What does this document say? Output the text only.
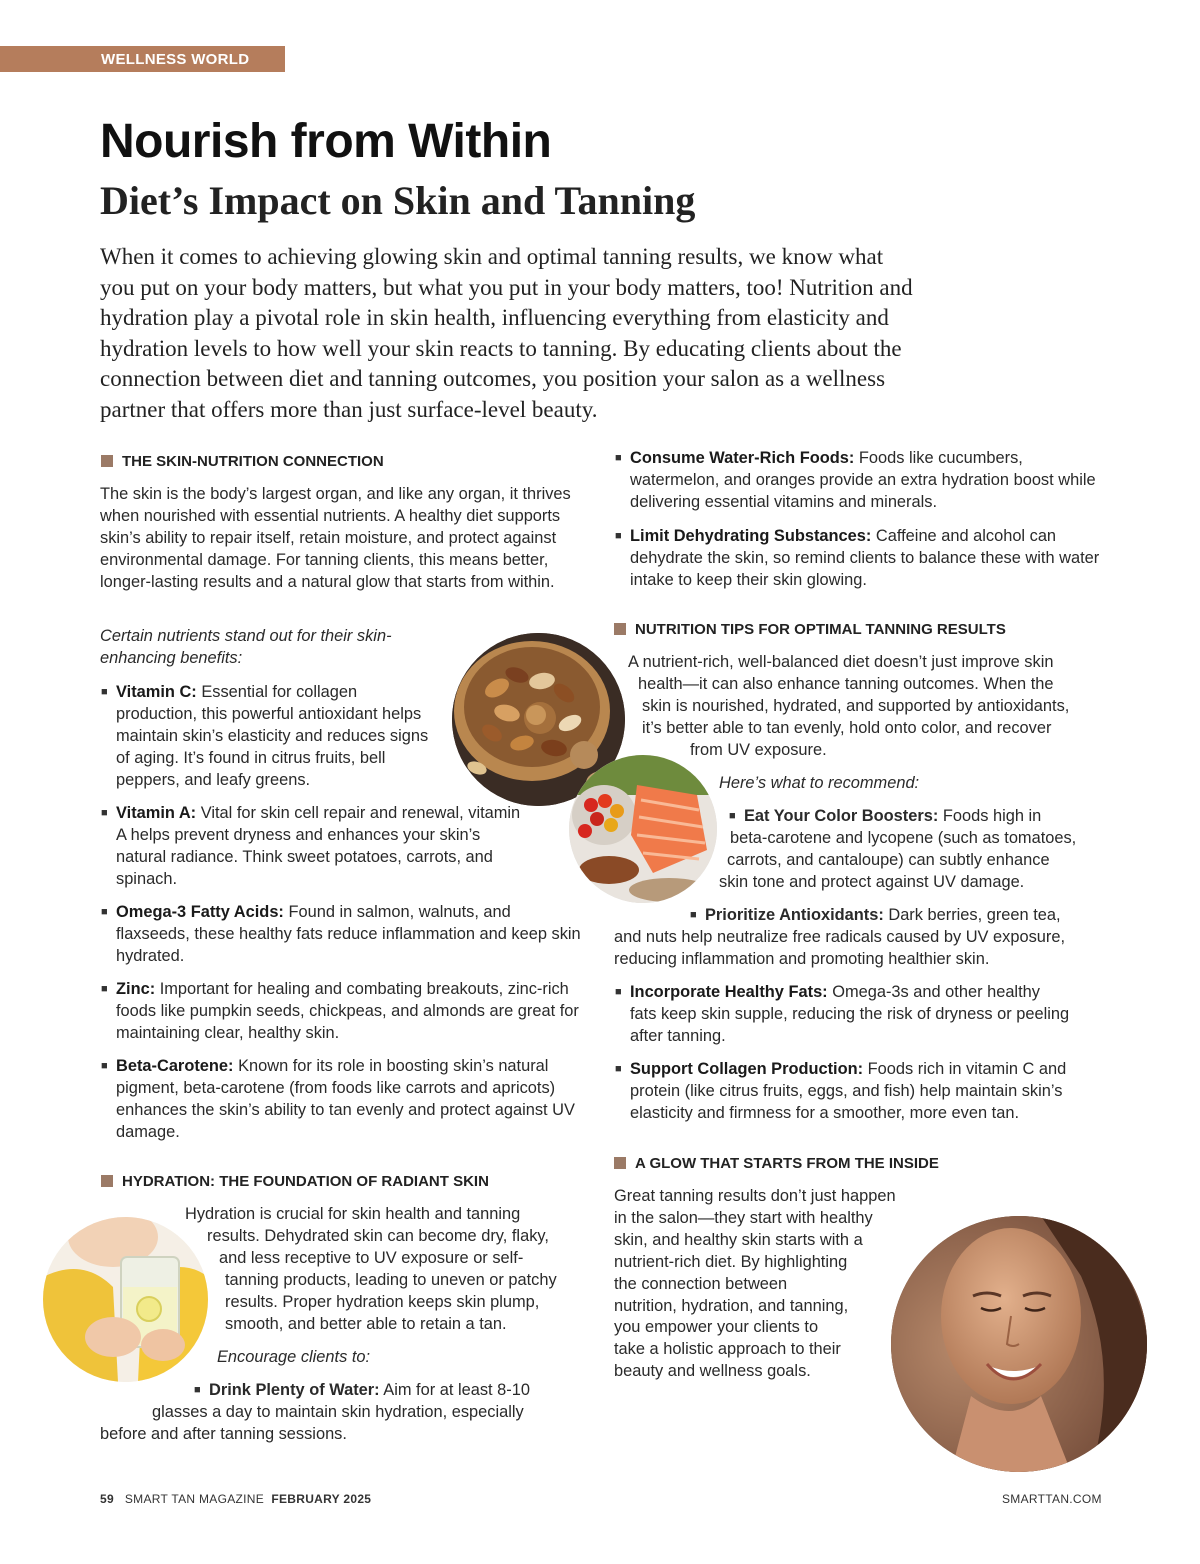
WELLNESS WORLD
Nourish from Within
Diet’s Impact on Skin and Tanning
When it comes to achieving glowing skin and optimal tanning results, we know what
you put on your body matters, but what you put in your body matters, too! Nutrition and
hydration play a pivotal role in skin health, influencing everything from elasticity and
hydration levels to how well your skin reacts to tanning. By educating clients about the
connection between diet and tanning outcomes, you position your salon as a wellness
partner that offers more than just surface-level beauty.
THE SKIN-NUTRITION CONNECTION
The skin is the body’s largest organ, and like any organ, it thrives when nourished with essential nutrients. A healthy diet supports skin’s ability to repair itself, retain moisture, and protect against environmental damage. For tanning clients, this means better, longer-lasting results and a natural glow that starts from within.
Certain nutrients stand out for their skin-enhancing benefits:
■ Vitamin C: Essential for collagen production, this powerful antioxidant helps maintain skin’s elasticity and reduces signs of aging. It’s found in citrus fruits, bell peppers, and leafy greens.
■ Vitamin A: Vital for skin cell repair and renewal, vitamin A helps prevent dryness and enhances your skin’s natural radiance. Think sweet potatoes, carrots, and spinach.
■ Omega-3 Fatty Acids: Found in salmon, walnuts, and flaxseeds, these healthy fats reduce inflammation and keep skin hydrated.
■ Zinc: Important for healing and combating breakouts, zinc-rich foods like pumpkin seeds, chickpeas, and almonds are great for maintaining clear, healthy skin.
■ Beta-Carotene: Known for its role in boosting skin’s natural pigment, beta-carotene (from foods like carrots and apricots) enhances the skin’s ability to tan evenly and protect against UV damage.
HYDRATION: THE FOUNDATION OF RADIANT SKIN
Hydration is crucial for skin health and tanning
results. Dehydrated skin can become dry, flaky,
and less receptive to UV exposure or self-
tanning products, leading to uneven or patchy
results. Proper hydration keeps skin plump,
smooth, and better able to retain a tan.
Encourage clients to:
■ Drink Plenty of Water: Aim for at least 8-10
glasses a day to maintain skin hydration, especially
before and after tanning sessions.
■ Consume Water-Rich Foods: Foods like cucumbers, watermelon, and oranges provide an extra hydration boost while delivering essential vitamins and minerals.
■ Limit Dehydrating Substances: Caffeine and alcohol can dehydrate the skin, so remind clients to balance these with water intake to keep their skin glowing.
NUTRITION TIPS FOR OPTIMAL TANNING RESULTS
A nutrient-rich, well-balanced diet doesn’t just improve skin
health—it can also enhance tanning outcomes. When the
skin is nourished, hydrated, and supported by antioxidants,
it’s better able to tan evenly, hold onto color, and recover
from UV exposure.
Here’s what to recommend:
■ Eat Your Color Boosters: Foods high in
beta-carotene and lycopene (such as tomatoes,
carrots, and cantaloupe) can subtly enhance
skin tone and protect against UV damage.
■ Prioritize Antioxidants: Dark berries, green tea,
and nuts help neutralize free radicals caused by UV exposure,
reducing inflammation and promoting healthier skin.
■ Incorporate Healthy Fats: Omega-3s and other healthy fats keep skin supple, reducing the risk of dryness or peeling after tanning.
■ Support Collagen Production: Foods rich in vitamin C and protein (like citrus fruits, eggs, and fish) help maintain skin’s elasticity and firmness for a smoother, more even tan.
A GLOW THAT STARTS FROM THE INSIDE
Great tanning results don’t just happen
in the salon—they start with healthy
skin, and healthy skin starts with a
nutrient-rich diet. By highlighting
the connection between
nutrition, hydration, and tanning,
you empower your clients to
take a holistic approach to their
beauty and wellness goals.
59 SMART TAN MAGAZINE FEBRUARY 2025	SMARTTAN.COM
